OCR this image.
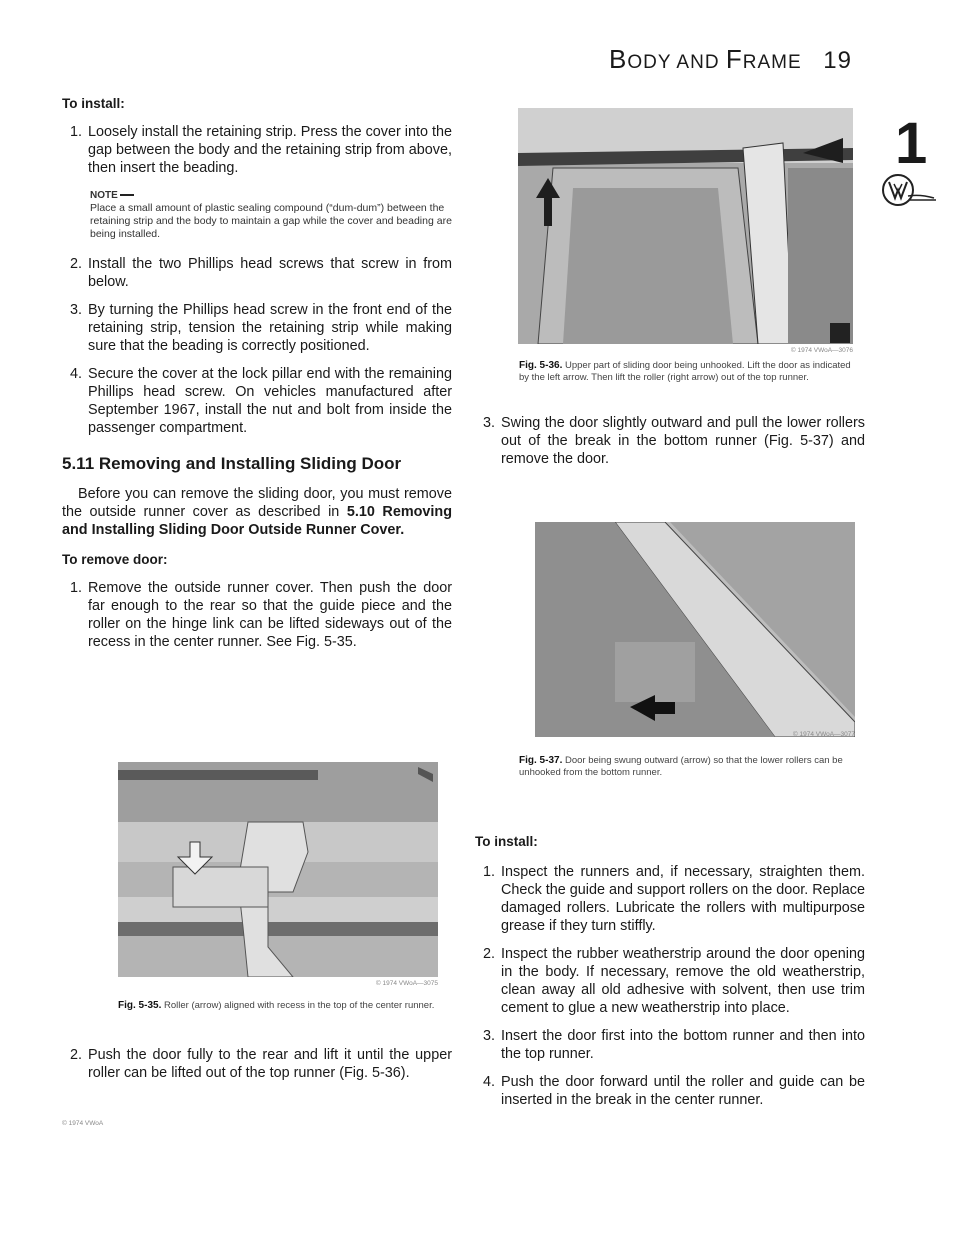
BODY AND FRAME 19
1
To install:
1. Loosely install the retaining strip. Press the cover into the gap between the body and the retaining strip from above, then insert the beading.
NOTE
Place a small amount of plastic sealing compound (“dum-dum”) between the retaining strip and the body to maintain a gap while the cover and beading are being installed.
2. Install the two Phillips head screws that screw in from below.
3. By turning the Phillips head screw in the front end of the retaining strip, tension the retaining strip while making sure that the beading is correctly positioned.
4. Secure the cover at the lock pillar end with the remaining Phillips head screw. On vehicles manufactured after September 1967, install the nut and bolt from inside the passenger compartment.
5.11 Removing and Installing Sliding Door

Before you can remove the sliding door, you must remove the outside runner cover as described in 5.10 Removing and Installing Sliding Door Outside Runner Cover.

To remove door:
1. Remove the outside runner cover. Then push the door far enough to the rear so that the guide piece and the roller on the hinge link can be lifted sideways out of the recess in the center runner. See Fig. 5-35.
© 1974 VWoA—3075
Fig. 5-35. Roller (arrow) aligned with recess in the top of the center runner.
2. Push the door fully to the rear and lift it until the upper roller can be lifted out of the top runner (Fig. 5-36).
© 1974 VWoA
© 1974 VWoA—3076
Fig. 5-36. Upper part of sliding door being unhooked. Lift the door as indicated by the left arrow. Then lift the roller (right arrow) out of the top runner.
3. Swing the door slightly outward and pull the lower rollers out of the break in the bottom runner (Fig. 5-37) and remove the door.
© 1974 VWoA—3077
Fig. 5-37. Door being swung outward (arrow) so that the lower rollers can be unhooked from the bottom runner.
To install:
1. Inspect the runners and, if necessary, straighten them. Check the guide and support rollers on the door. Replace damaged rollers. Lubricate the rollers with multipurpose grease if they turn stiffly.
2. Inspect the rubber weatherstrip around the door opening in the body. If necessary, remove the old weatherstrip, clean away all old adhesive with solvent, then use trim cement to glue a new weatherstrip into place.
3. Insert the door first into the bottom runner and then into the top runner.
4. Push the door forward until the roller and guide can be inserted in the break in the center runner.
